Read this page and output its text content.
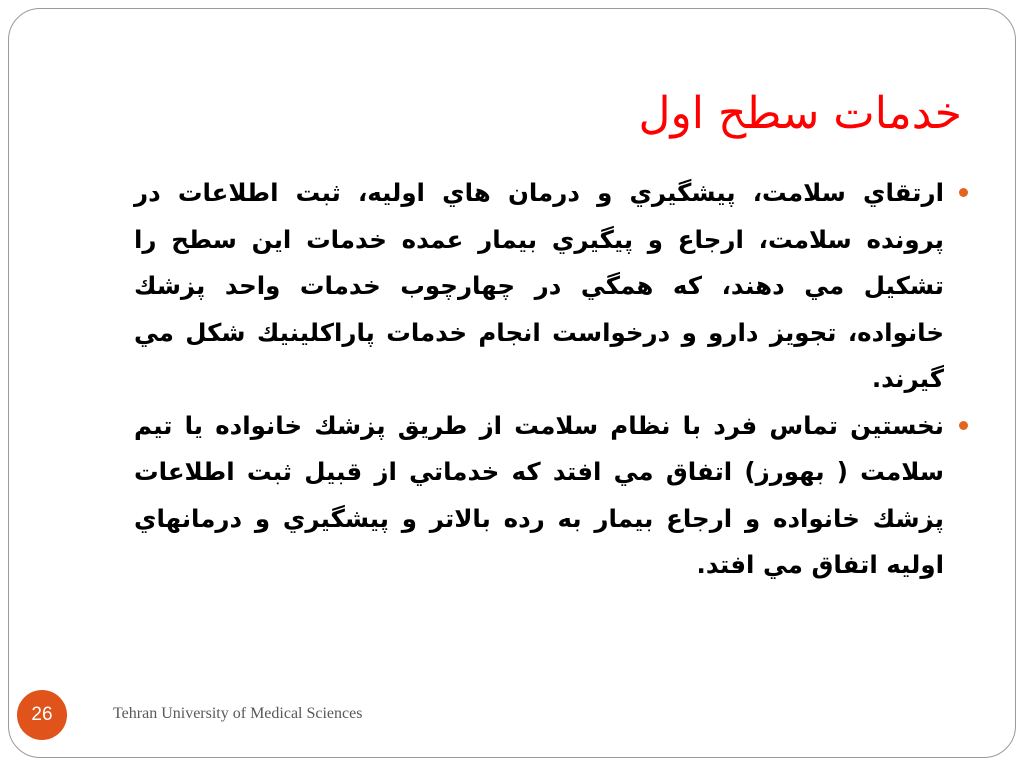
خدمات سطح اول
ارتقاي سلامت، پيشگيري و درمان هاي اوليه، ثبت اطلاعات در پرونده سلامت، ارجاع و پيگيري بيمار عمده خدمات اين سطح را تشكيل مي دهند، كه همگي در چهارچوب خدمات واحد پزشك خانواده، تجويز دارو و درخواست انجام خدمات پاراكلينيك شكل مي گيرند.
نخستين تماس فرد با نظام سلامت از طريق پزشك خانواده يا تيم سلامت ( بهورز) اتفاق مي افتد كه خدماتي از قبيل ثبت اطلاعات پزشك خانواده و ارجاع بيمار به رده بالاتر و پيشگيري و درمانهاي اوليه اتفاق مي افتد.
26	Tehran University of Medical Sciences
